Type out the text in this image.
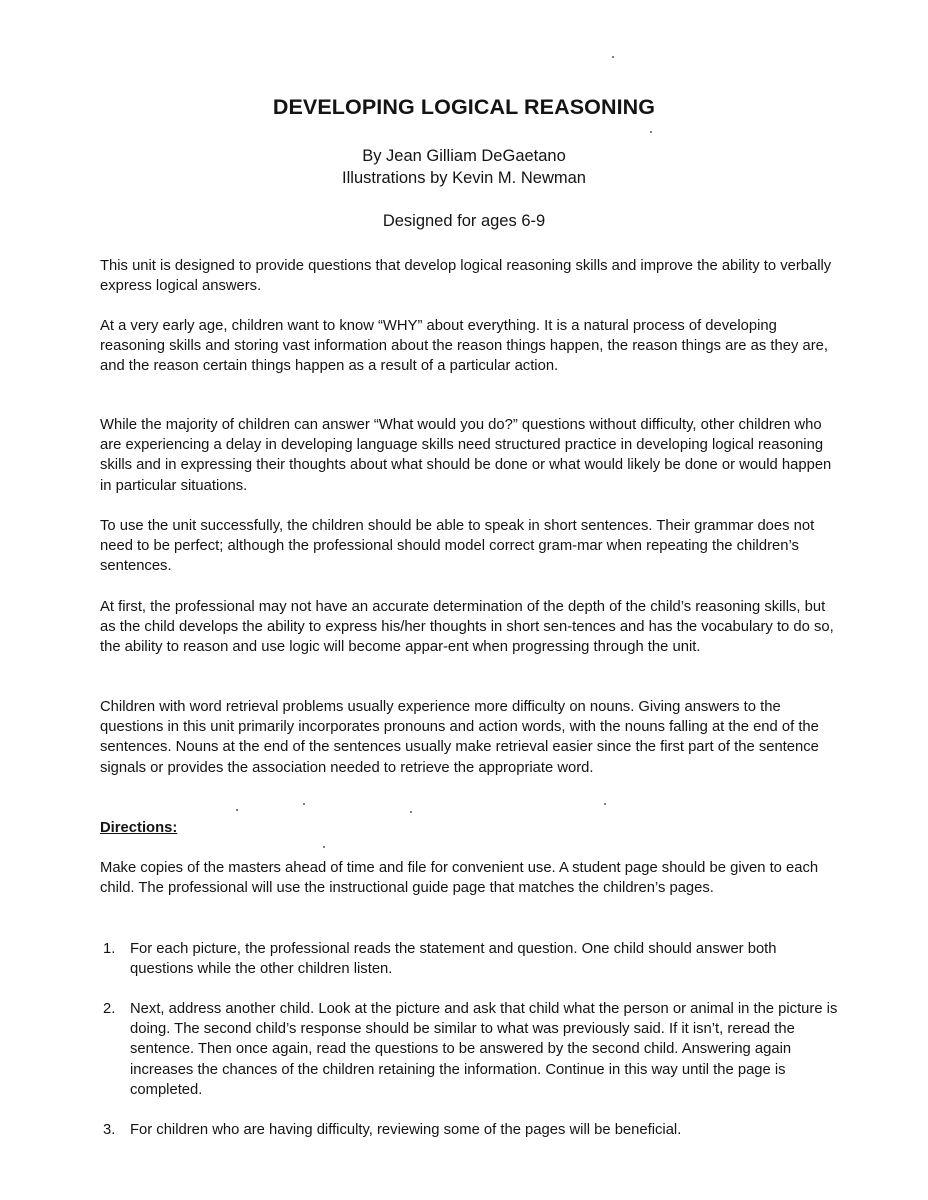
DEVELOPING LOGICAL REASONING
By Jean Gilliam DeGaetano
Illustrations by Kevin M. Newman
Designed for ages 6-9

This unit is designed to provide questions that develop logical reasoning skills and improve the ability to verbally express logical answers.

At a very early age, children want to know “WHY” about everything. It is a natural process of developing reasoning skills and storing vast information about the reason things happen, the reason things are as they are, and the reason certain things happen as a result of a particular action.

While the majority of children can answer “What would you do?” questions without difficulty, other children who are experiencing a delay in developing language skills need structured practice in developing logical reasoning skills and in expressing their thoughts about what should be done or what would likely be done or would happen in particular situations.

To use the unit successfully, the children should be able to speak in short sentences. Their grammar does not need to be perfect; although the professional should model correct gram-mar when repeating the children’s sentences.

At first, the professional may not have an accurate determination of the depth of the child’s reasoning skills, but as the child develops the ability to express his/her thoughts in short sen-tences and has the vocabulary to do so, the ability to reason and use logic will become appar-ent when progressing through the unit.

Children with word retrieval problems usually experience more difficulty on nouns. Giving answers to the questions in this unit primarily incorporates pronouns and action words, with the nouns falling at the end of the sentences. Nouns at the end of the sentences usually make retrieval easier since the first part of the sentence signals or provides the association needed to retrieve the appropriate word.

Directions:

Make copies of the masters ahead of time and file for convenient use. A student page should be given to each child. The professional will use the instructional guide page that matches the children’s pages.

1. For each picture, the professional reads the statement and question. One child should answer both questions while the other children listen.
2. Next, address another child. Look at the picture and ask that child what the person or animal in the picture is doing. The second child’s response should be similar to what was previously said. If it isn’t, reread the sentence. Then once again, read the questions to be answered by the second child. Answering again increases the chances of the children retaining the information. Continue in this way until the page is completed.
3. For children who are having difficulty, reviewing some of the pages will be beneficial.
